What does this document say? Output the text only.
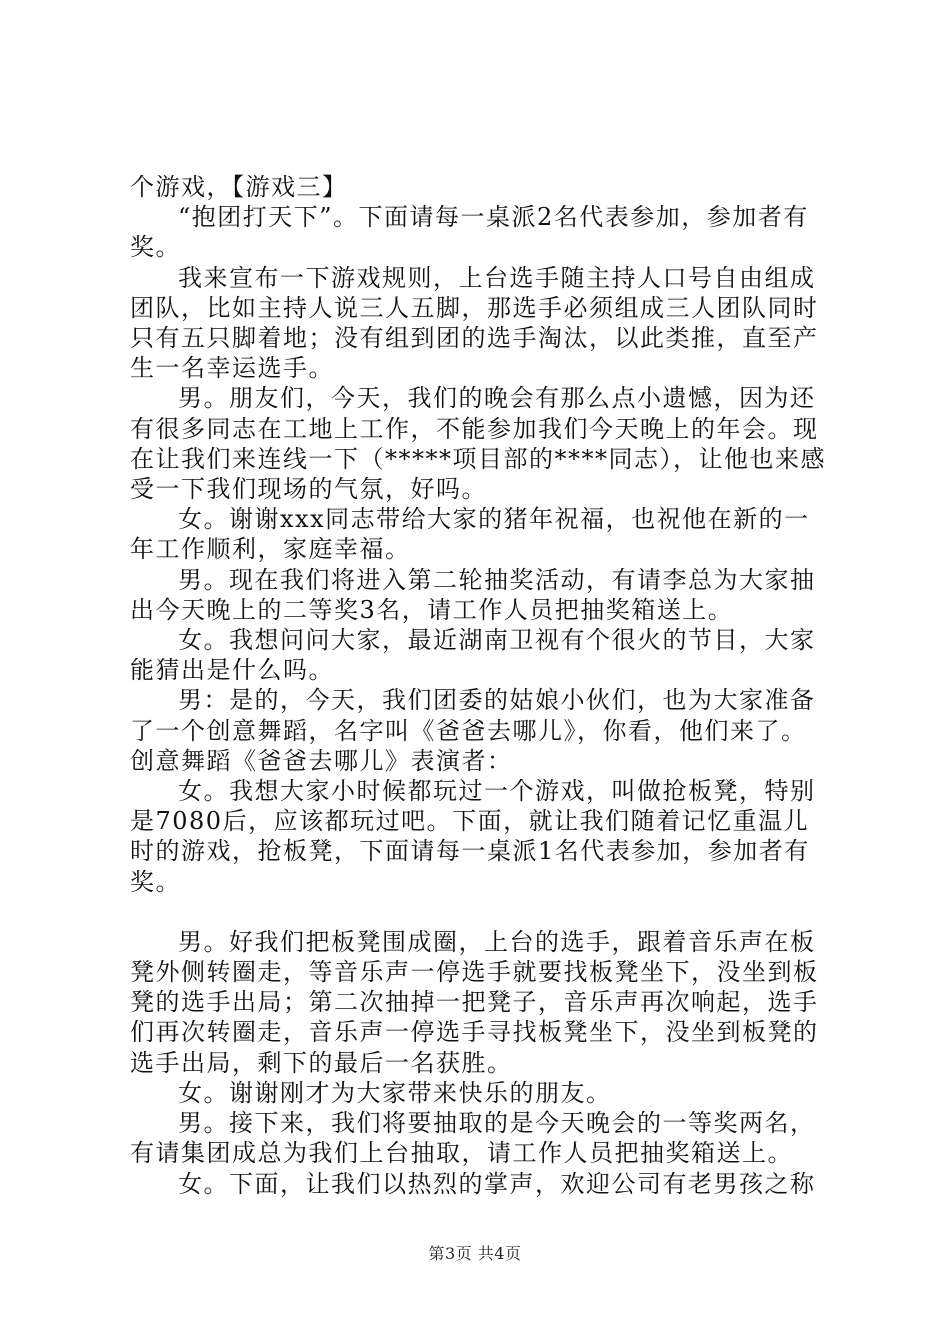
个游戏，【游戏三】

“抱团打天下”。下面请每一桌派2名代表参加，参加者有奖。

我来宣布一下游戏规则，上台选手随主持人口号自由组成团队，比如主持人说三人五脚，那选手必须组成三人团队同时只有五只脚着地；没有组到团的选手淘汰，以此类推，直至产生一名幸运选手。

男。朋友们，今天，我们的晚会有那么点小遗憾，因为还有很多同志在工地上工作，不能参加我们今天晚上的年会。现在让我们来连线一下（*****项目部的****同志），让他也来感受一下我们现场的气氛，好吗。

女。谢谢xxx同志带给大家的猪年祝福，也祝他在新的一年工作顺利，家庭幸福。

男。现在我们将进入第二轮抽奖活动，有请李总为大家抽出今天晚上的二等奖3名，请工作人员把抽奖箱送上。

女。我想问问大家，最近湖南卫视有个很火的节目，大家能猜出是什么吗。

男：是的，今天，我们团委的姑娘小伙们，也为大家准备了一个创意舞蹈，名字叫《爸爸去哪儿》，你看，他们来了。

创意舞蹈《爸爸去哪儿》表演者：

女。我想大家小时候都玩过一个游戏，叫做抢板凳，特别是7080后，应该都玩过吧。下面，就让我们随着记忆重温儿时的游戏，抢板凳，下面请每一桌派1名代表参加，参加者有奖。

男。好我们把板凳围成圈，上台的选手，跟着音乐声在板凳外侧转圈走，等音乐声一停选手就要找板凳坐下，没坐到板凳的选手出局；第二次抽掉一把凳子，音乐声再次响起，选手们再次转圈走，音乐声一停选手寻找板凳坐下，没坐到板凳的选手出局，剩下的最后一名获胜。

女。谢谢刚才为大家带来快乐的朋友。

男。接下来，我们将要抽取的是今天晚会的一等奖两名，有请集团成总为我们上台抽取，请工作人员把抽奖箱送上。

女。下面，让我们以热烈的掌声，欢迎公司有老男孩之称

第3页 共4页
